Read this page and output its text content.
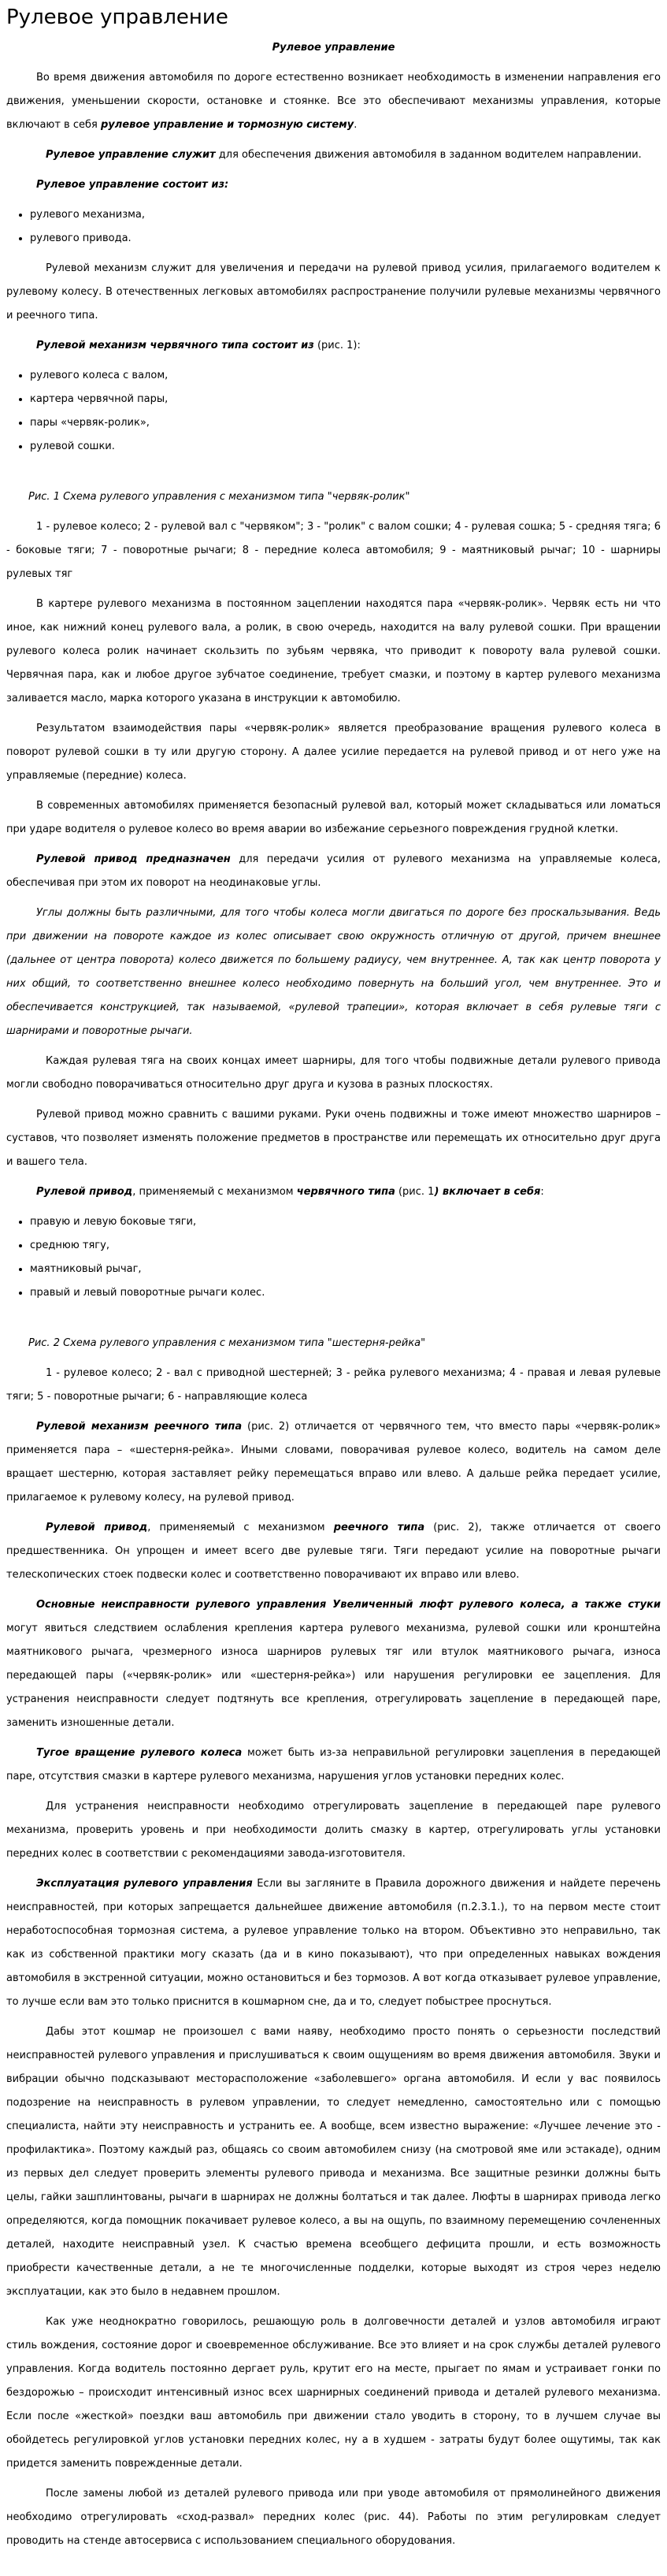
Рулевое управление

Рулевое управление

Во время движения автомобиля по дороге естественно возникает необходимость в изменении направления его движения, уменьшении скорости, остановке и стоянке. Все это обеспечивают механизмы управления, которые включают в себя рулевое управление и тормозную систему.

Рулевое управление служит для обеспечения движения автомобиля в заданном водителем направлении.

Рулевое управление состоит из:

• рулевого механизма,
• рулевого привода.

Рулевой механизм служит для увеличения и передачи на рулевой привод усилия, прилагаемого водителем к рулевому колесу. В отечественных легковых автомобилях распространение получили рулевые механизмы червячного и реечного типа.

Рулевой механизм червячного типа состоит из (рис. 1):

• рулевого колеса с валом,
• картера червячной пары,
• пары «червяк-ролик»,
• рулевой сошки.

Рис. 1 Схема рулевого управления с механизмом типа "червяк-ролик"

1 - рулевое колесо; 2 - рулевой вал с "червяком"; 3 - "ролик" с валом сошки; 4 - рулевая сошка; 5 - средняя тяга; 6 - боковые тяги; 7 - поворотные рычаги; 8 - передние колеса автомобиля; 9 - маятниковый рычаг; 10 - шарниры рулевых тяг

В картере рулевого механизма в постоянном зацеплении находятся пара «червяк-ролик». Червяк есть ни что иное, как нижний конец рулевого вала, а ролик, в свою очередь, находится на валу рулевой сошки. При вращении рулевого колеса ролик начинает скользить по зубьям червяка, что приводит к повороту вала рулевой сошки. Червячная пара, как и любое другое зубчатое соединение, требует смазки, и поэтому в картер рулевого механизма заливается масло, марка которого указана в инструкции к автомобилю.

Результатом взаимодействия пары «червяк-ролик» является преобразование вращения рулевого колеса в поворот рулевой сошки в ту или другую сторону. А далее усилие передается на рулевой привод и от него уже на управляемые (передние) колеса.

В современных автомобилях применяется безопасный рулевой вал, который может складываться или ломаться при ударе водителя о рулевое колесо во время аварии во избежание серьезного повреждения грудной клетки.

Рулевой привод предназначен для передачи усилия от рулевого механизма на управляемые колеса, обеспечивая при этом их поворот на неодинаковые углы.

Углы должны быть различными, для того чтобы колеса могли двигаться по дороге без проскальзывания. Ведь при движении на повороте каждое из колес описывает свою окружность отличную от другой, причем внешнее (дальнее от центра поворота) колесо движется по большему радиусу, чем внутреннее. А, так как центр поворота у них общий, то соответственно внешнее колесо необходимо повернуть на больший угол, чем внутреннее. Это и обеспечивается конструкцией, так называемой, «рулевой трапеции», которая включает в себя рулевые тяги с шарнирами и поворотные рычаги.

Каждая рулевая тяга на своих концах имеет шарниры, для того чтобы подвижные детали рулевого привода могли свободно поворачиваться относительно друг друга и кузова в разных плоскостях.

Рулевой привод можно сравнить с вашими руками. Руки очень подвижны и тоже имеют множество шарниров – суставов, что позволяет изменять положение предметов в пространстве или перемещать их относительно друг друга и вашего тела.

Рулевой привод, применяемый с механизмом червячного типа (рис. 1) включает в себя:

• правую и левую боковые тяги,
• среднюю тягу,
• маятниковый рычаг,
• правый и левый поворотные рычаги колес.

Рис. 2 Схема рулевого управления с механизмом типа "шестерня-рейка"

1 - рулевое колесо; 2 - вал с приводной шестерней; 3 - рейка рулевого механизма; 4 - правая и левая рулевые тяги; 5 - поворотные рычаги; 6 - направляющие колеса

Рулевой механизм реечного типа (рис. 2) отличается от червячного тем, что вместо пары «червяк-ролик» применяется пара – «шестерня-рейка». Иными словами, поворачивая рулевое колесо, водитель на самом деле вращает шестерню, которая заставляет рейку перемещаться вправо или влево. А дальше рейка передает усилие, прилагаемое к рулевому колесу, на рулевой привод.

Рулевой привод, применяемый с механизмом реечного типа (рис. 2), также отличается от своего предшественника. Он упрощен и имеет всего две рулевые тяги. Тяги передают усилие на поворотные рычаги телескопических стоек подвески колес и соответственно поворачивают их вправо или влево.

Основные неисправности рулевого управления Увеличенный люфт рулевого колеса, а также стуки могут явиться следствием ослабления крепления картера рулевого механизма, рулевой сошки или кронштейна маятникового рычага, чрезмерного износа шарниров рулевых тяг или втулок маятникового рычага, износа передающей пары («червяк-ролик» или «шестерня-рейка») или нарушения регулировки ее зацепления. Для устранения неисправности следует подтянуть все крепления, отрегулировать зацепление в передающей паре, заменить изношенные детали.

Тугое вращение рулевого колеса может быть из-за неправильной регулировки зацепления в передающей паре, отсутствия смазки в картере рулевого механизма, нарушения углов установки передних колес.

Для устранения неисправности необходимо отрегулировать зацепление в передающей паре рулевого механизма, проверить уровень и при необходимости долить смазку в картер, отрегулировать углы установки передних колес в соответствии с рекомендациями завода-изготовителя.

Эксплуатация рулевого управления Если вы загляните в Правила дорожного движения и найдете перечень неисправностей, при которых запрещается дальнейшее движение автомобиля (п.2.3.1.), то на первом месте стоит неработоспособная тормозная система, а рулевое управление только на втором. Объективно это неправильно, так как из собственной практики могу сказать (да и в кино показывают), что при определенных навыках вождения автомобиля в экстренной ситуации, можно остановиться и без тормозов. А вот когда отказывает рулевое управление, то лучше если вам это только приснится в кошмарном сне, да и то, следует побыстрее проснуться.

Дабы этот кошмар не произошел с вами наяву, необходимо просто понять о серьезности последствий неисправностей рулевого управления и прислушиваться к своим ощущениям во время движения автомобиля. Звуки и вибрации обычно подсказывают месторасположение «заболевшего» органа автомобиля. И если у вас появилось подозрение на неисправность в рулевом управлении, то следует немедленно, самостоятельно или с помощью специалиста, найти эту неисправность и устранить ее. А вообще, всем известно выражение: «Лучшее лечение это - профилактика». Поэтому каждый раз, общаясь со своим автомобилем снизу (на смотровой яме или эстакаде), одним из первых дел следует проверить элементы рулевого привода и механизма. Все защитные резинки должны быть целы, гайки зашплинтованы, рычаги в шарнирах не должны болтаться и так далее. Люфты в шарнирах привода легко определяются, когда помощник покачивает рулевое колесо, а вы на ощупь, по взаимному перемещению сочлененных деталей, находите неисправный узел. К счастью времена всеобщего дефицита прошли, и есть возможность приобрести качественные детали, а не те многочисленные подделки, которые выходят из строя через неделю эксплуатации, как это было в недавнем прошлом.

Как уже неоднократно говорилось, решающую роль в долговечности деталей и узлов автомобиля играют стиль вождения, состояние дорог и своевременное обслуживание. Все это влияет и на срок службы деталей рулевого управления. Когда водитель постоянно дергает руль, крутит его на месте, прыгает по ямам и устраивает гонки по бездорожью – происходит интенсивный износ всех шарнирных соединений привода и деталей рулевого механизма. Если после «жесткой» поездки ваш автомобиль при движении стало уводить в сторону, то в лучшем случае вы обойдетесь регулировкой углов установки передних колес, ну а в худшем - затраты будут более ощутимы, так как придется заменить поврежденные детали.

После замены любой из деталей рулевого привода или при уводе автомобиля от прямолинейного движения необходимо отрегулировать «сход-развал» передних колес (рис. 44). Работы по этим регулировкам следует проводить на стенде автосервиса с использованием специального оборудования.
